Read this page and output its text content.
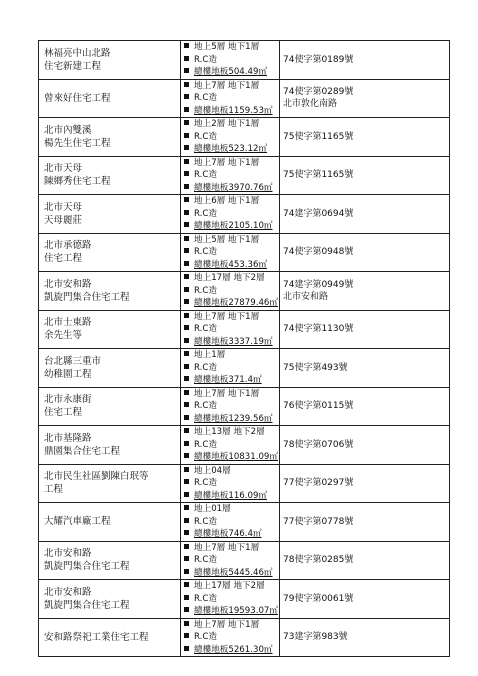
林福亮中山北路
住宅新建工程	地上5層 地下1層
R.C造
總樓地板504.49㎡	74使字第0189號

曾來好住宅工程	地上7層 地下1層
R.C造
總樓地板1159.53㎡	74使字第0289號
北市敦化南路

北市內雙溪
楊先生住宅工程	地上2層 地下1層
R.C造
總樓地板523.12㎡	75使字第1165號

北市天母
陳鄉秀住宅工程	地上7層 地下1層
R.C造
總樓地板3970.76㎡	75使字第1165號

北市天母
天母麗莊	地上6層 地下1層
R.C造
總樓地板2105.10㎡	74建字第0694號

北市承德路
住宅工程	地上5層 地下1層
R.C造
總樓地板453.36㎡	74使字第0948號

北市安和路
凱旋門集合住宅工程	地上17層 地下2層
R.C造
總樓地板27879.46㎡	74建字第0949號
北市安和路

北市士東路
余先生等	地上7層 地下1層
R.C造
總樓地板3337.19㎡	74使字第1130號

台北縣三重市
幼稚園工程	地上1層
R.C造
總樓地板371.4㎡	75使字第493號

北市永康街
住宅工程	地上7層 地下1層
R.C造
總樓地板1239.56㎡	76使字第0115號

北市基隆路
鼎園集合住宅工程	地上13層 地下2層
R.C造
總樓地板10831.09㎡	78使字第0706號

北市民生社區劉陳白珉等
工程	地上04層
R.C造
總樓地板116.09㎡	77使字第0297號

大耀汽車廠工程	地上01層
R.C造
總樓地板746.4㎡	77使字第0778號

北市安和路
凱旋門集合住宅工程	地上7層 地下1層
R.C造
總樓地板5445.46㎡	78使字第0285號

北市安和路
凱旋門集合住宅工程	地上17層 地下2層
R.C造
總樓地板19593.07㎡	79使字第0061號

安和路祭祀工業住宅工程	地上7層 地下1層
R.C造
總樓地板5261.30㎡	73建字第983號
